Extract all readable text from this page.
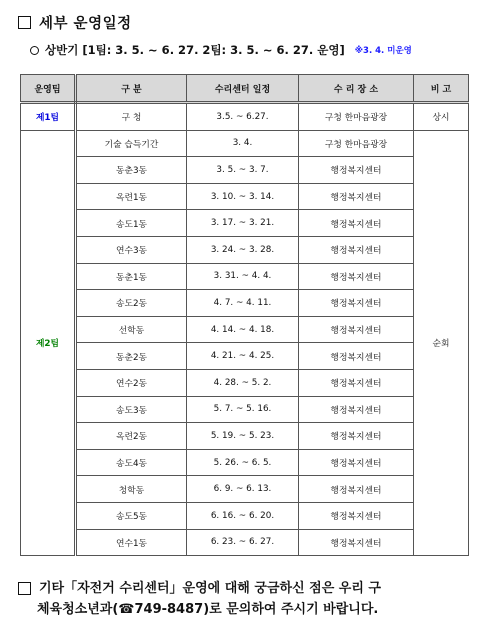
세부 운영일정
상반기 [1팀: 3. 5. ~ 6. 27. 2팀: 3. 5. ~ 6. 27. 운영] ※3. 4. 미운영
운영팀	구 분	수리센터 일정	수 리 장 소	비 고
제1팀	구 청	3.5. ~ 6.27.	구청 한마음광장	상시
제2팀	기술 습득기간	3. 4.	구청 한마음광장	순회
	동춘3동	3. 5. ~ 3. 7.	행정복지센터	
	옥련1동	3. 10. ~ 3. 14.	행정복지센터	
	송도1동	3. 17. ~ 3. 21.	행정복지센터	
	연수3동	3. 24. ~ 3. 28.	행정복지센터	
	동춘1동	3. 31. ~ 4. 4.	행정복지센터	
	송도2동	4. 7. ~ 4. 11.	행정복지센터	
	선학동	4. 14. ~ 4. 18.	행정복지센터	
	동춘2동	4. 21. ~ 4. 25.	행정복지센터	
	연수2동	4. 28. ~ 5. 2.	행정복지센터	
	송도3동	5. 7. ~ 5. 16.	행정복지센터	
	옥련2동	5. 19. ~ 5. 23.	행정복지센터	
	송도4동	5. 26. ~ 6. 5.	행정복지센터	
	청학동	6. 9. ~ 6. 13.	행정복지센터	
	송도5동	6. 16. ~ 6. 20.	행정복지센터	
	연수1동	6. 23. ~ 6. 27.	행정복지센터	
기타「자전거 수리센터」운영에 대해 궁금하신 점은 우리 구
체육청소년과(☎749-8487)로 문의하여 주시기 바랍니다.
